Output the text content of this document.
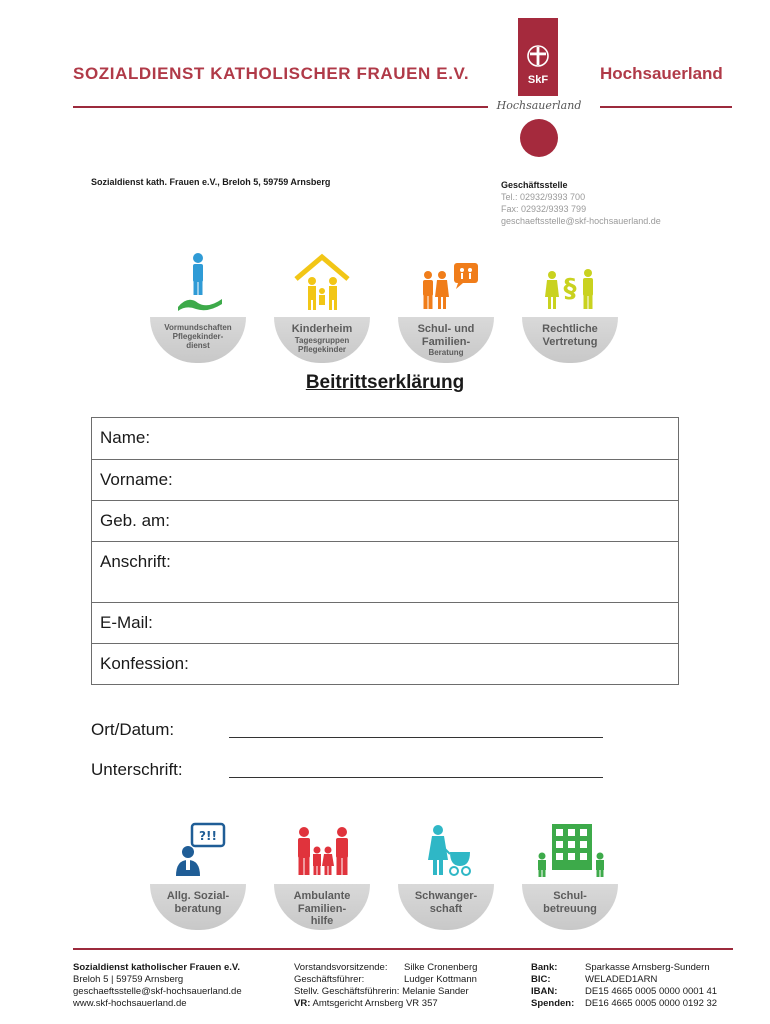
SOZIALDIENST KATHOLISCHER FRAUEN E.V.	Hochsauerland
SkF
Hochsauerland
Sozialdienst kath. Frauen e.V., Breloh 5, 59759 Arnsberg	Geschäftsstelle
Tel.: 02932/9393 700
Fax: 02932/9393 799
geschaeftsstelle@skf-hochsauerland.de
Vormundschaften
Pflegekinder-
dienst
Kinderheim
Tagesgruppen
Pflegekinder
Schul- und
Familien-
Beratung
§
Rechtliche
Vertretung
Beitrittserklärung
Name:
Vorname:
Geb. am:
Anschrift:
E-Mail:
Konfession:
Ort/Datum:
Unterschrift:
?!!
Allg. Sozial-
beratung
Ambulante
Familien-
hilfe
Schwanger-
schaft
Schul-
betreuung
Sozialdienst katholischer Frauen e.V.
Breloh 5 | 59759 Arnsberg
geschaeftsstelle@skf-hochsauerland.de
www.skf-hochsauerland.de
Vorstandsvorsitzende: Silke Cronenberg
Geschäftsführer:	Ludger Kottmann
Stellv. Geschäftsführerin: Melanie Sander
VR: Amtsgericht Arnsberg VR 357
Bank:	Sparkasse Arnsberg-Sundern
BIC:	WELADED1ARN
IBAN:	DE15 4665 0005 0000 0001 41
Spenden: DE16 4665 0005 0000 0192 32
